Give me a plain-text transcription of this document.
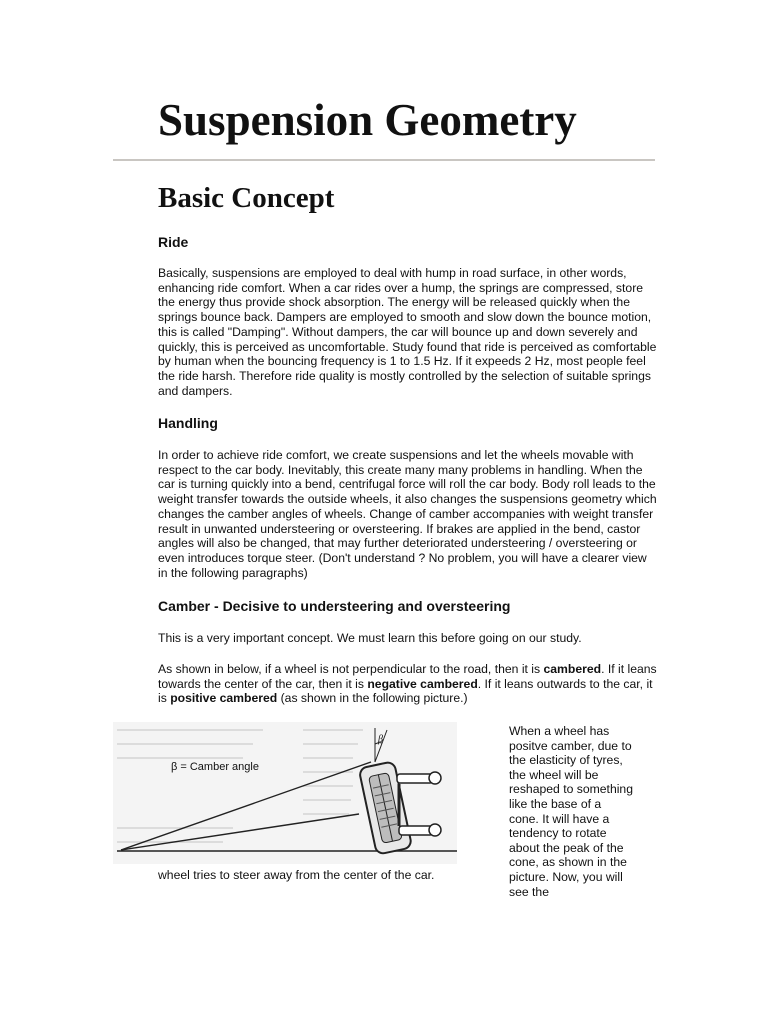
Suspension Geometry
Basic Concept
Ride

Basically, suspensions are employed to deal with hump in road surface, in other words, enhancing ride comfort. When a car rides over a hump, the springs are compressed, store the energy thus provide shock absorption. The energy will be released quickly when the springs bounce back. Dampers are employed to smooth and slow down the bounce motion, this is called "Damping". Without dampers, the car will bounce up and down severely and quickly, this is perceived as uncomfortable. Study found that ride is perceived as comfortable by human when the bouncing frequency is 1 to 1.5 Hz. If it expeeds 2 Hz, most people feel the ride harsh. Therefore ride quality is mostly controlled by the selection of suitable springs and dampers.

Handling

In order to achieve ride comfort, we create suspensions and let the wheels movable with respect to the car body. Inevitably, this create many many problems in handling. When the car is turning quickly into a bend, centrifugal force will roll the car body. Body roll leads to the weight transfer towards the outside wheels, it also changes the suspensions geometry which changes the camber angles of wheels. Change of camber accompanies with weight transfer result in unwanted understeering or oversteering. If brakes are applied in the bend, castor angles will also be changed, that may further deteriorated understeering / oversteering or even introduces torque steer. (Don't understand ? No problem, you will have a clearer view in the following paragraphs)

Camber - Decisive to understeering and oversteering

This is a very important concept. We must learn this before going on our study.

As shown in below, if a wheel is not perpendicular to the road, then it is cambered. If it leans towards the center of the car, then it is negative cambered. If it leans outwards to the car, it is positive cambered (as shown in the following picture.)

β
β = Camber angle

When a wheel has positve camber, due to the elasticity of tyres, the wheel will be reshaped to something like the base of a cone. It will have a tendency to rotate about the peak of the cone, as shown in the picture. Now, you will see the

wheel tries to steer away from the center of the car.
